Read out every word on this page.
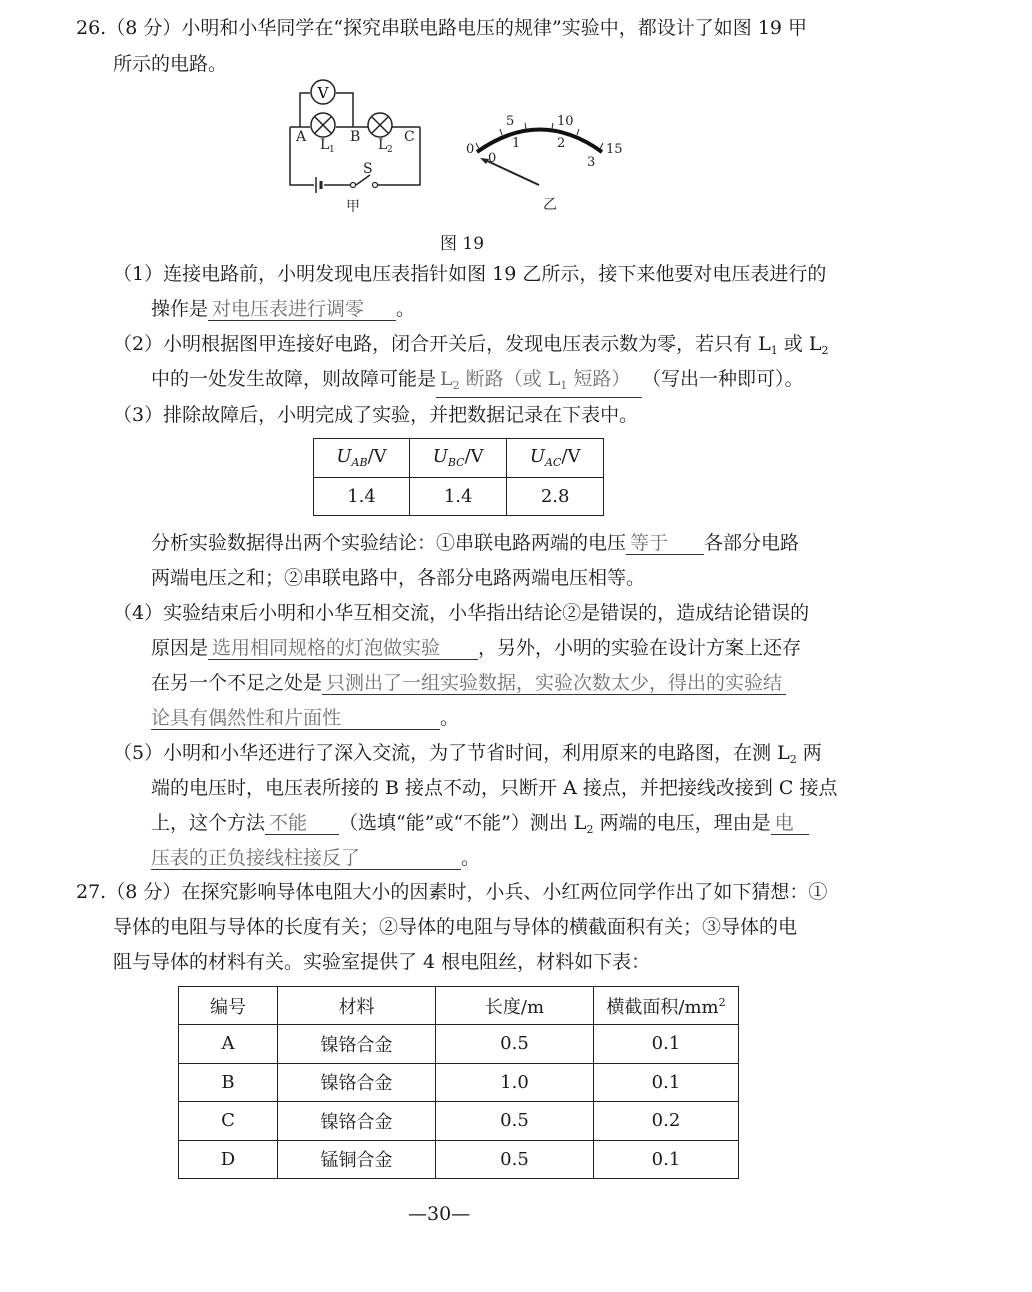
26.（8 分）小明和小华同学在“探究串联电路电压的规律”实验中，都设计了如图 19 甲
所示的电路。
V
A	B	C
L 1	L 2
S
甲
0
5	10
15
0
1	2
3
乙
图 19
（1）连接电路前，小明发现电压表指针如图 19 乙所示，接下来他要对电压表进行的
操作是 对电压表进行调零 。
（2）小明根据图甲连接好电路，闭合开关后，发现电压表示数为零，若只有 $L_1$ 或 $L_2$
中的一处发生故障，则故障可能是 $L_2$ 断路（或 $L_1$ 短路） （写出一种即可）。
（3）排除故障后，小明完成了实验，并把数据记录在下表中。
$U_{AB}/V$	$U_{BC}/V$	$U_{AC}/V$
1.4	1.4	2.8
分析实验数据得出两个实验结论：①串联电路两端的电压 等于 各部分电路
两端电压之和；②串联电路中，各部分电路两端电压相等。
（4）实验结束后小明和小华互相交流，小华指出结论②是错误的，造成结论错误的
原因是 选用相同规格的灯泡做实验 ，另外，小明的实验在设计方案上还存
在另一个不足之处是 只测出了一组实验数据，实验次数太少，得出的实验结
论具有偶然性和片面性	。
（5）小明和小华还进行了深入交流，为了节省时间，利用原来的电路图，在测 $L_2$ 两
端的电压时，电压表所接的 B 接点不动，只断开 A 接点，并把接线改接到 C 接点
上，这个方法 不能 （选填“能”或“不能”）测出 $L_2$ 两端的电压，理由是 电
压表的正负接线柱接反了	。
27.（8 分）在探究影响导体电阻大小的因素时，小兵、小红两位同学作出了如下猜想：①
导体的电阻与导体的长度有关；②导体的电阻与导体的横截面积有关；③导体的电
阻与导体的材料有关。实验室提供了 4 根电阻丝，材料如下表：
编号	材料	长度/m	横截面积$/mm^2$
A	镍铬合金	0.5	0.1
B	镍铬合金	1.0	0.1
C	镍铬合金	0.5	0.2
D	锰铜合金	0.5	0.1
—30—
